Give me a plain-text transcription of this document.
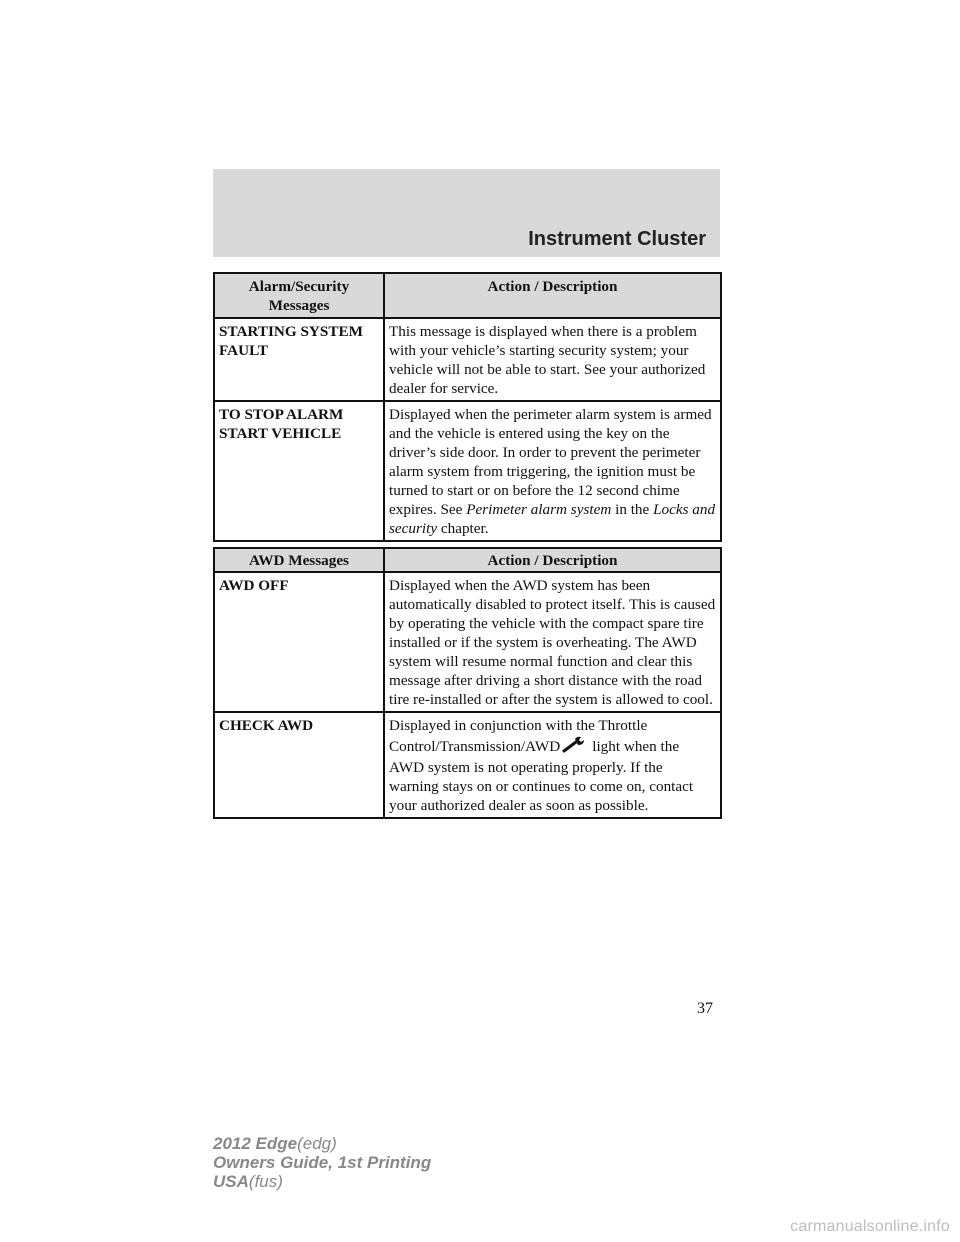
Instrument Cluster
Alarm/Security Messages	Action / Description
STARTING SYSTEM FAULT	This message is displayed when there is a problem with your vehicle’s starting security system; your vehicle will not be able to start. See your authorized dealer for service.
TO STOP ALARM START VEHICLE	Displayed when the perimeter alarm system is armed and the vehicle is entered using the key on the driver’s side door. In order to prevent the perimeter alarm system from triggering, the ignition must be turned to start or on before the 12 second chime expires. See Perimeter alarm system in the Locks and security chapter.
AWD Messages	Action / Description
AWD OFF	Displayed when the AWD system has been automatically disabled to protect itself. This is caused by operating the vehicle with the compact spare tire installed or if the system is overheating. The AWD system will resume normal function and clear this message after driving a short distance with the road tire re-installed or after the system is allowed to cool.
CHECK AWD	Displayed in conjunction with the Throttle Control/Transmission/AWD light when the AWD system is not operating properly. If the warning stays on or continues to come on, contact your authorized dealer as soon as possible.
37
2012 Edge(edg)
Owners Guide, 1st Printing
USA(fus)
carmanualsonline.info
